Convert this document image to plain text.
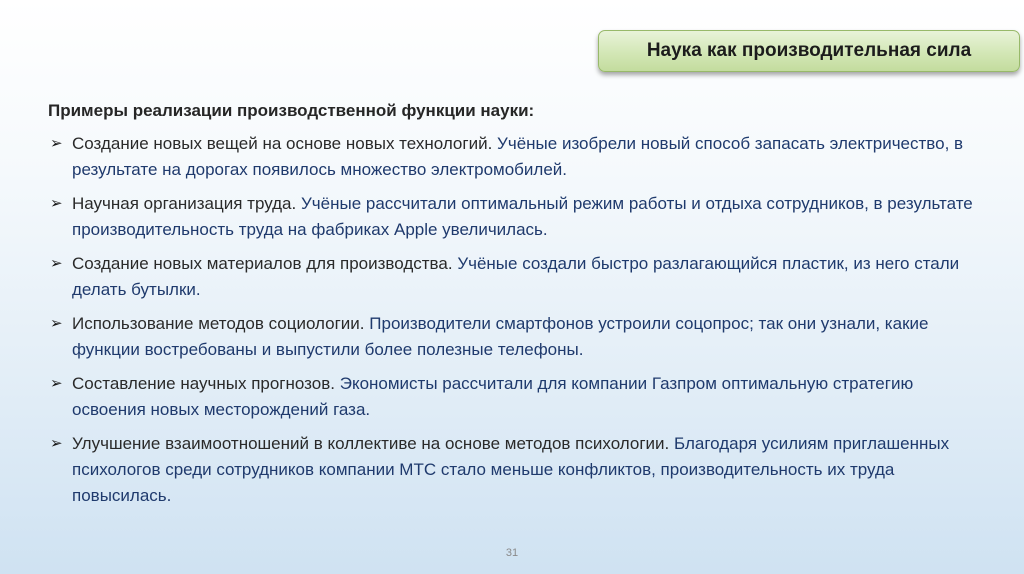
Наука как производительная сила
Примеры реализации производственной функции науки:
➢ Создание новых вещей на основе новых технологий. Учёные изобрели новый способ запасать электричество, в результате на дорогах появилось множество электромобилей.
➢ Научная организация труда. Учёные рассчитали оптимальный режим работы и отдыха сотрудников, в результате производительность труда на фабриках Apple увеличилась.
➢ Создание новых материалов для производства. Учёные создали быстро разлагающийся пластик, из него стали делать бутылки.
➢ Использование методов социологии. Производители смартфонов устроили соцопрос; так они узнали, какие функции востребованы и выпустили более полезные телефоны.
➢ Составление научных прогнозов. Экономисты рассчитали для компании Газпром оптимальную стратегию освоения новых месторождений газа.
➢ Улучшение взаимоотношений в коллективе на основе методов психологии. Благодаря усилиям приглашенных психологов среди сотрудников компании МТС стало меньше конфликтов, производительность их труда повысилась.
31
